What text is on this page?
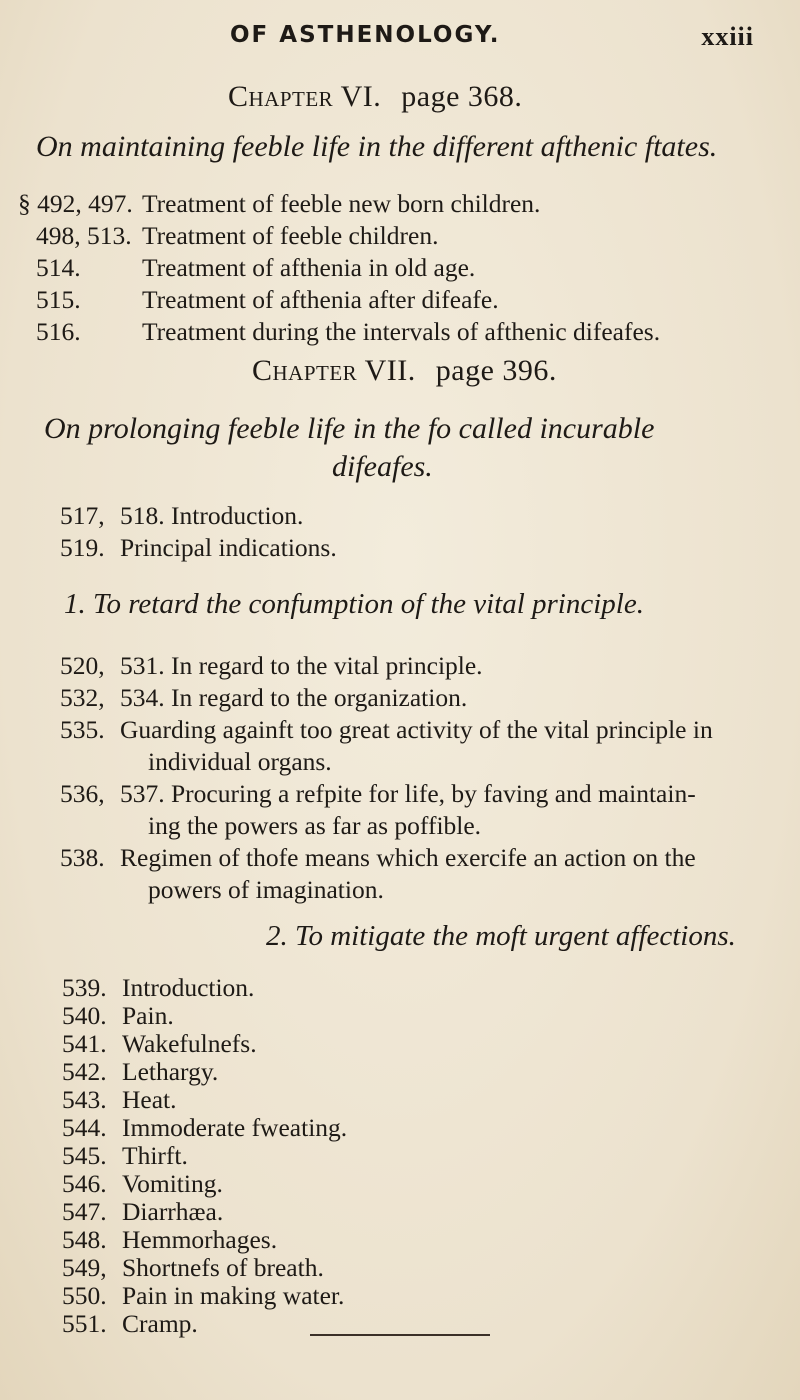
OF ASTHENOLOGY.	xxiii
Chapter VI. page 368.
On maintaining feeble life in the different afthenic ftates.
§ 492, 497. Treatment of feeble new born children.
498, 513. Treatment of feeble children.
514. Treatment of afthenia in old age.
515. Treatment of afthenia after difeafe.
516. Treatment during the intervals of afthenic difeafes.
Chapter VII. page 396.
On prolonging feeble life in the fo called incurable
difeafes.
517, 518. Introduction.
519. Principal indications.
1. To retard the confumption of the vital principle.
520, 531. In regard to the vital principle.
532, 534. In regard to the organization.
535. Guarding againft too great activity of the vital principle in
individual organs.
536, 537. Procuring a refpite for life, by faving and maintain-
ing the powers as far as poffible.
538. Regimen of thofe means which exercife an action on the
powers of imagination.
2. To mitigate the moft urgent affections.
539. Introduction.
540. Pain.
541. Wakefulnefs.
542. Lethargy.
543. Heat.
544. Immoderate fweating.
545. Thirft.
546. Vomiting.
547. Diarrhæa.
548. Hemmorhages.
549, Shortnefs of breath.
550. Pain in making water.
551. Cramp.
